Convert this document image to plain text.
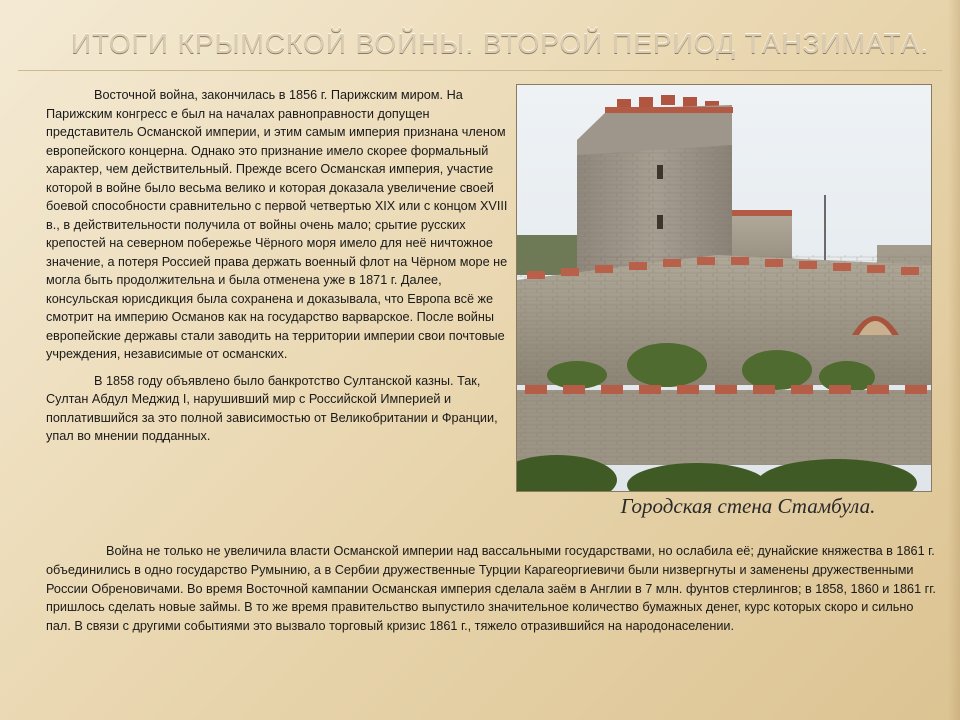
ИТОГИ КРЫМСКОЙ ВОЙНЫ. ВТОРОЙ ПЕРИОД ТАНЗИМАТА.

Восточной войнa, закончилась в 1856 г. Парижским миром. На Парижским конгресс е был на началах равноправности допущен представитель Османской империи, и этим самым империя признана членом европейского концерна. Однако это признание имело скорее формальный характер, чем действительный. Прежде всего Османская империя, участие которой в войне было весьма велико и которая доказала увеличение своей боевой способности сравнительно с первой четвертью XIX или с концом XVIII в., в действительности получила от войны очень мало; срытие русских крепостей на северном побережье Чёрного моря имело для неё ничтожное значение, а потеря Россией права держать военный флот на Чёрном море не могла быть продолжительна и была отменена уже в 1871 г. Далее, консульская юрисдикция была сохранена и доказывала, что Европа всё же смотрит на империю Османов как на государство варварское. После войны европейские державы стали заводить на территории империи свои почтовые учреждения, независимые от османских.

В 1858 году объявлено было банкротство Султанской казны. Так, Султан Абдул Меджид I, нарушивший мир с Российской Империей и поплатившийся за это полной зависимостью от Великобритании и Франции, упал во мнении подданных.

Городская стена Стамбула.

Война не только не увеличила власти Османской империи над вассальными государствами, но ослабила её; дунайские княжества в 1861 г. объединились в одно государство Румынию, а в Сербии дружественные Турции Карагеоргиевичи были низвергнуты и заменены дружественными России Обреновичами. Во время Восточной кампании Османская империя сделала заём в Англии в 7 млн. фунтов стерлингов; в 1858, 1860 и 1861 гг. пришлось сделать новые займы. В то же время правительство выпустило значительное количество бумажных денег, курс которых скоро и сильно пал. В связи с другими событиями это вызвало торговый кризис 1861 г., тяжело отразившийся на народонаселении.
